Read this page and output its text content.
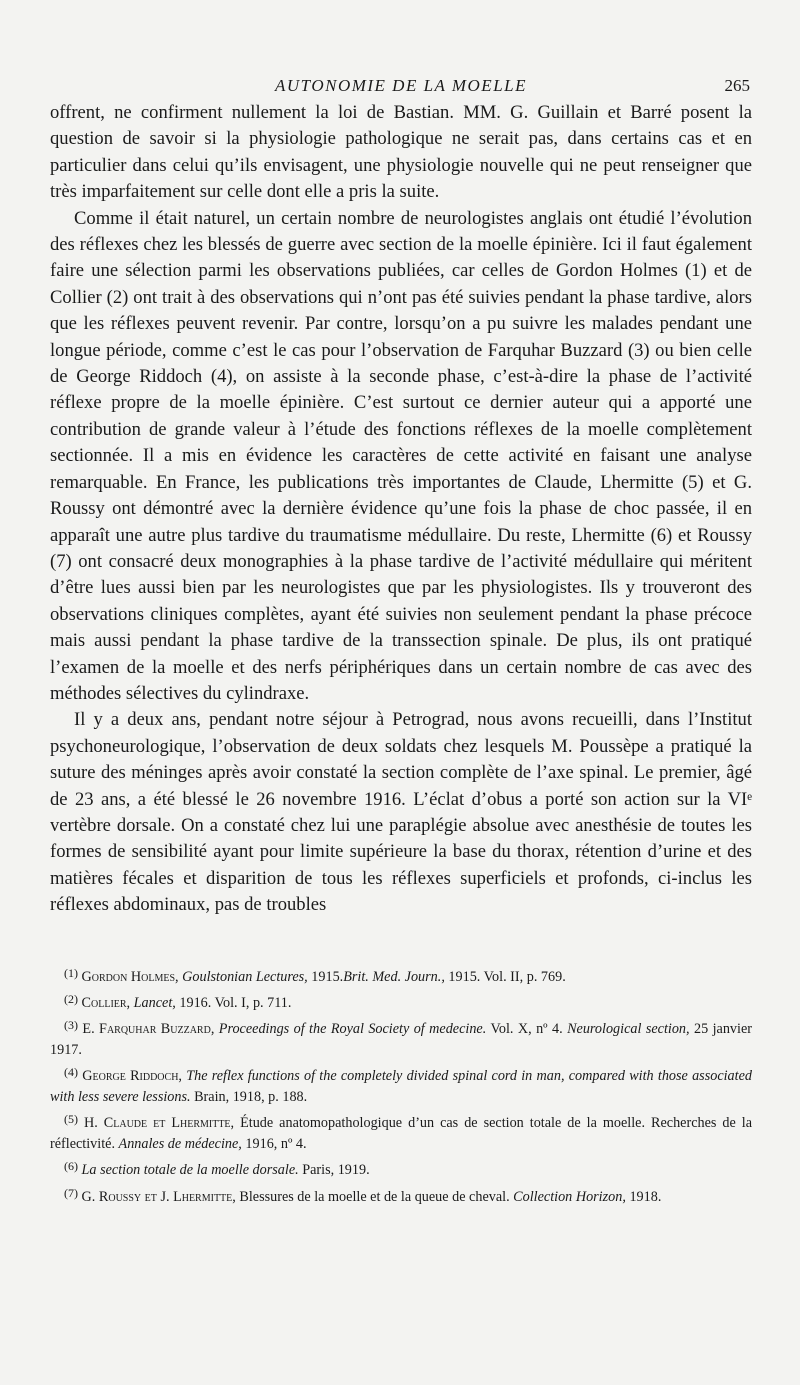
AUTONOMIE DE LA MOELLE	265

offrent, ne confirment nullement la loi de Bastian. MM. G. Guillain et Barré posent la question de savoir si la physiologie pathologique ne serait pas, dans certains cas et en particulier dans celui qu’ils envisagent, une physiologie nouvelle qui ne peut renseigner que très imparfaitement sur celle dont elle a pris la suite.

Comme il était naturel, un certain nombre de neurologistes anglais ont étudié l’évolution des réflexes chez les blessés de guerre avec section de la moelle épinière. Ici il faut également faire une sélection parmi les observations publiées, car celles de Gordon Holmes (1) et de Collier (2) ont trait à des observations qui n’ont pas été suivies pendant la phase tardive, alors que les réflexes peuvent revenir. Par contre, lorsqu’on a pu suivre les malades pendant une longue période, comme c’est le cas pour l’observation de Farquhar Buzzard (3) ou bien celle de George Riddoch (4), on assiste à la seconde phase, c’est-à-dire la phase de l’activité réflexe propre de la moelle épinière. C’est surtout ce dernier auteur qui a apporté une contribution de grande valeur à l’étude des fonctions réflexes de la moelle complètement sectionnée. Il a mis en évidence les caractères de cette activité en faisant une analyse remarquable. En France, les publications très importantes de Claude, Lhermitte (5) et G. Roussy ont démontré avec la dernière évidence qu’une fois la phase de choc passée, il en apparaît une autre plus tardive du traumatisme médullaire. Du reste, Lhermitte (6) et Roussy (7) ont consacré deux monographies à la phase tardive de l’activité médullaire qui méritent d’être lues aussi bien par les neurologistes que par les physiologistes. Ils y trouveront des observations cliniques complètes, ayant été suivies non seulement pendant la phase précoce mais aussi pendant la phase tardive de la transsection spinale. De plus, ils ont pratiqué l’examen de la moelle et des nerfs périphériques dans un certain nombre de cas avec des méthodes sélectives du cylindraxe.

Il y a deux ans, pendant notre séjour à Petrograd, nous avons recueilli, dans l’Institut psychoneurologique, l’observation de deux soldats chez lesquels M. Poussèpe a pratiqué la suture des méninges après avoir constaté la section complète de l’axe spinal. Le premier, âgé de 23 ans, a été blessé le 26 novembre 1916. L’éclat d’obus a porté son action sur la VIᵉ vertèbre dorsale. On a constaté chez lui une paraplégie absolue avec anesthésie de toutes les formes de sensibilité ayant pour limite supérieure la base du thorax, rétention d’urine et des matières fécales et disparition de tous les réflexes superficiels et profonds, ci-inclus les réflexes abdominaux, pas de troubles

$^{(1)}$ Gordon Holmes, Goulstonian Lectures, 1915.Brit. Med. Journ., 1915. Vol. II, p. 769.

$^{(2)}$ Collier, Lancet, 1916. Vol. I, p. 711.

$^{(3)}$ E. Farquhar Buzzard, Proceedings of the Royal Society of medecine. Vol. X, nº 4. Neurological section, 25 janvier 1917.

$^{(4)}$ George Riddoch, The reflex functions of the completely divided spinal cord in man, compared with those associated with less severe lessions. Brain, 1918, p. 188.

$^{(5)}$ H. Claude et Lhermitte, Étude anatomopathologique d’un cas de section totale de la moelle. Recherches de la réflectivité. Annales de médecine, 1916, nº 4.

$^{(6)}$ La section totale de la moelle dorsale. Paris, 1919.

$^{(7)}$ G. Roussy et J. Lhermitte, Blessures de la moelle et de la queue de cheval. Collection Horizon, 1918.
